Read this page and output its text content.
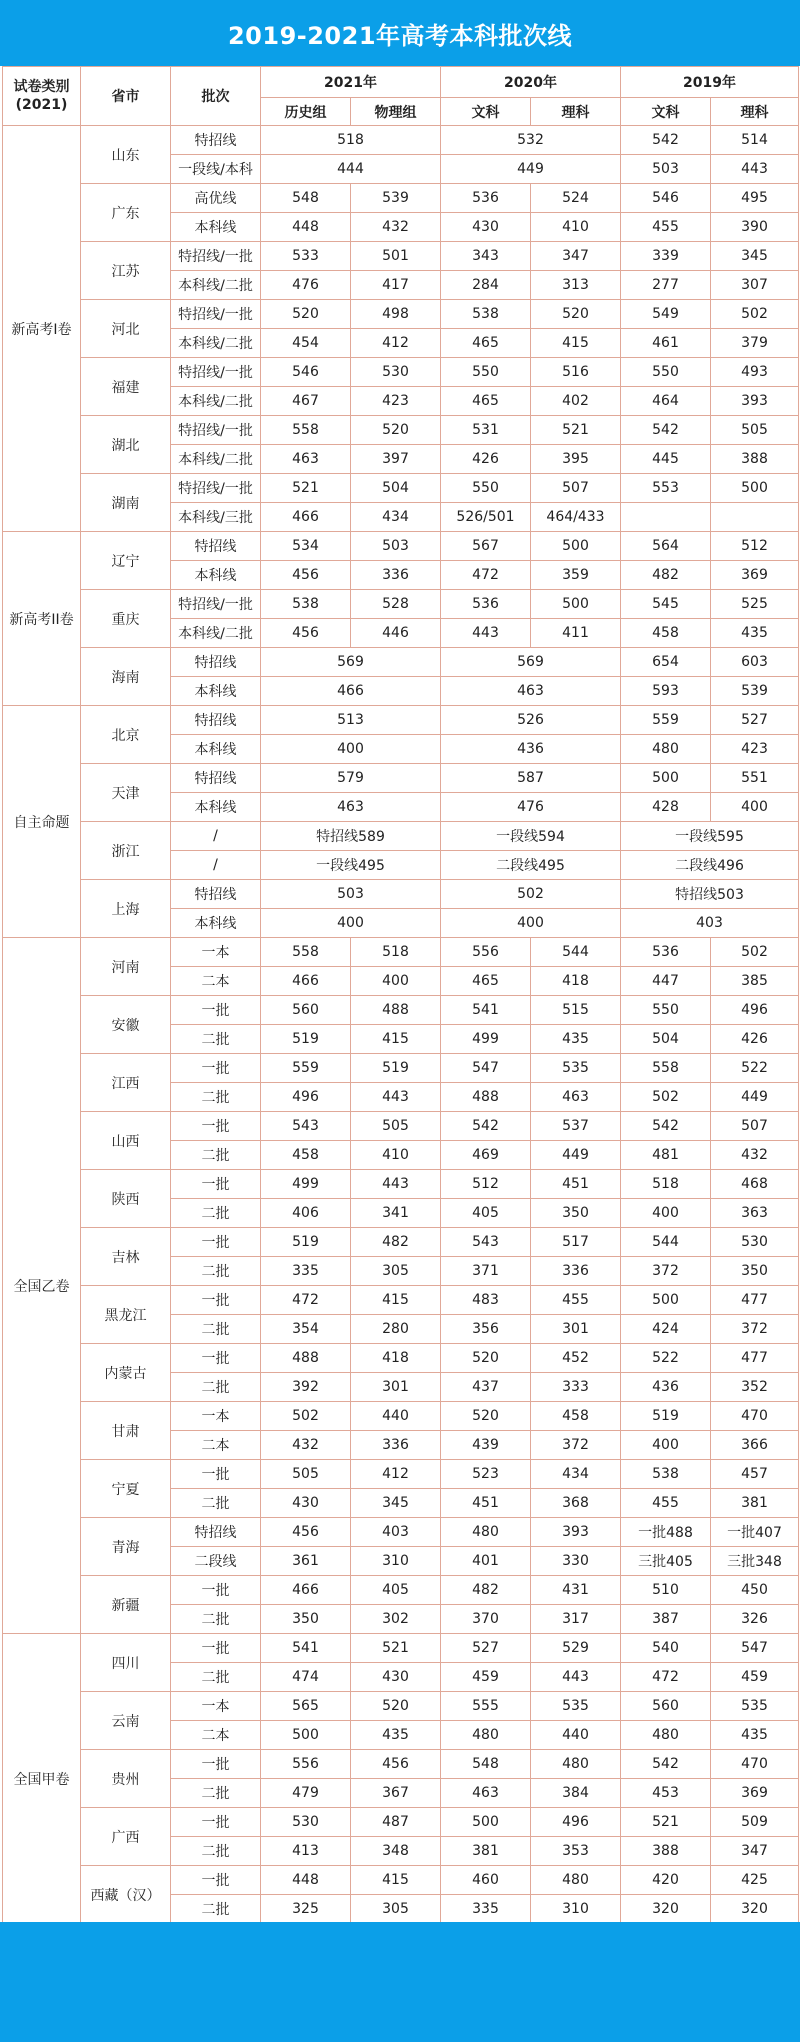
2019-2021年高考本科批次线
试卷类别
(2021)	省市	批次	2021年		2020年		2019年	
			历史组	物理组	文科	理科	文科	理科
新高考I卷	山东	特招线	518		532		542	514
		一段线/本科	444		449		503	443
	广东	高优线	548	539	536	524	546	495
		本科线	448	432	430	410	455	390
	江苏	特招线/一批	533	501	343	347	339	345
		本科线/二批	476	417	284	313	277	307
	河北	特招线/一批	520	498	538	520	549	502
		本科线/二批	454	412	465	415	461	379
	福建	特招线/一批	546	530	550	516	550	493
		本科线/二批	467	423	465	402	464	393
	湖北	特招线/一批	558	520	531	521	542	505
		本科线/二批	463	397	426	395	445	388
	湖南	特招线/一批	521	504	550	507	553	500
		本科线/三批	466	434	526/501	464/433		
新高考II卷	辽宁	特招线	534	503	567	500	564	512
		本科线	456	336	472	359	482	369
	重庆	特招线/一批	538	528	536	500	545	525
		本科线/二批	456	446	443	411	458	435
	海南	特招线	569		569		654	603
		本科线	466		463		593	539
自主命题	北京	特招线	513		526		559	527
		本科线	400		436		480	423
	天津	特招线	579		587		500	551
		本科线	463		476		428	400
	浙江	/	特招线589		一段线594		一段线595	
		/	一段线495		二段线495		二段线496	
	上海	特招线	503		502		特招线503	
		本科线	400		400		403	
全国乙卷	河南	一本	558	518	556	544	536	502
		二本	466	400	465	418	447	385
	安徽	一批	560	488	541	515	550	496
		二批	519	415	499	435	504	426
	江西	一批	559	519	547	535	558	522
		二批	496	443	488	463	502	449
	山西	一批	543	505	542	537	542	507
		二批	458	410	469	449	481	432
	陕西	一批	499	443	512	451	518	468
		二批	406	341	405	350	400	363
	吉林	一批	519	482	543	517	544	530
		二批	335	305	371	336	372	350
	黑龙江	一批	472	415	483	455	500	477
		二批	354	280	356	301	424	372
	内蒙古	一批	488	418	520	452	522	477
		二批	392	301	437	333	436	352
	甘肃	一本	502	440	520	458	519	470
		二本	432	336	439	372	400	366
	宁夏	一批	505	412	523	434	538	457
		二批	430	345	451	368	455	381
	青海	特招线	456	403	480	393	一批488	一批407
		二段线	361	310	401	330	三批405	三批348
	新疆	一批	466	405	482	431	510	450
		二批	350	302	370	317	387	326
全国甲卷	四川	一批	541	521	527	529	540	547
		二批	474	430	459	443	472	459
	云南	一本	565	520	555	535	560	535
		二本	500	435	480	440	480	435
	贵州	一批	556	456	548	480	542	470
		二批	479	367	463	384	453	369
	广西	一批	530	487	500	496	521	509
		二批	413	348	381	353	388	347
	西藏（汉）	一批	448	415	460	480	420	425
		二批	325	305	335	310	320	320
